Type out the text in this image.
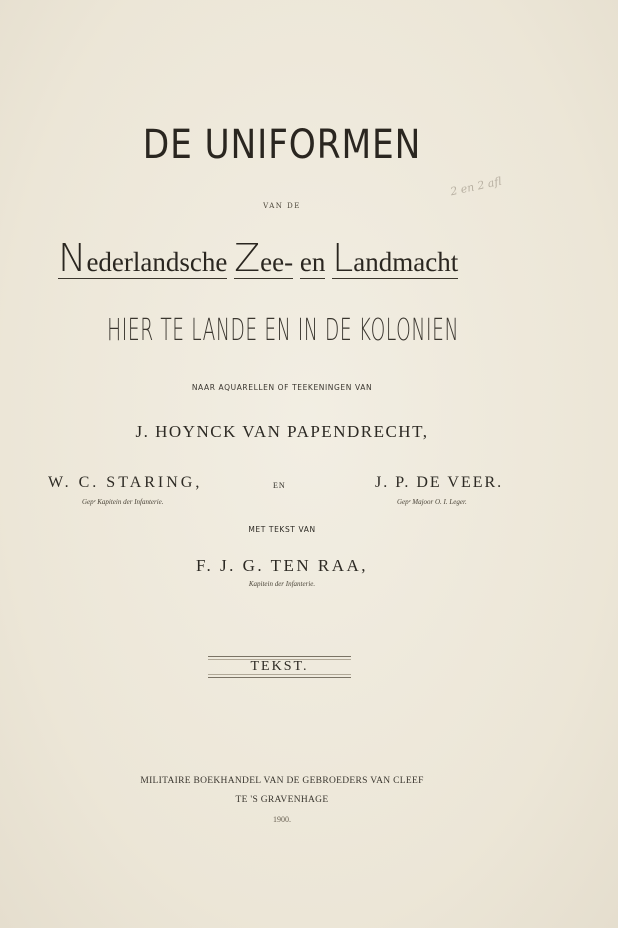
DE UNIFORMEN
VAN DE
2 en 2 afl
Nederlandsche Zee- en Landmacht
HIER TE LANDE EN IN DE KOLONIEN
NAAR AQUARELLEN OF TEEKENINGEN VAN
J. HOYNCK VAN PAPENDRECHT,
W. C. STARING,
Gepᵉ Kapitein der Infanterie.
EN	J. P. DE VEER.
Gepᵉ Majoor O. I. Leger.
MET TEKST VAN
F. J. G. TEN RAA,
Kapitein der Infanterie.
TEKST.
MILITAIRE BOEKHANDEL VAN DE GEBROEDERS VAN CLEEF
TE 'S GRAVENHAGE
1900.
